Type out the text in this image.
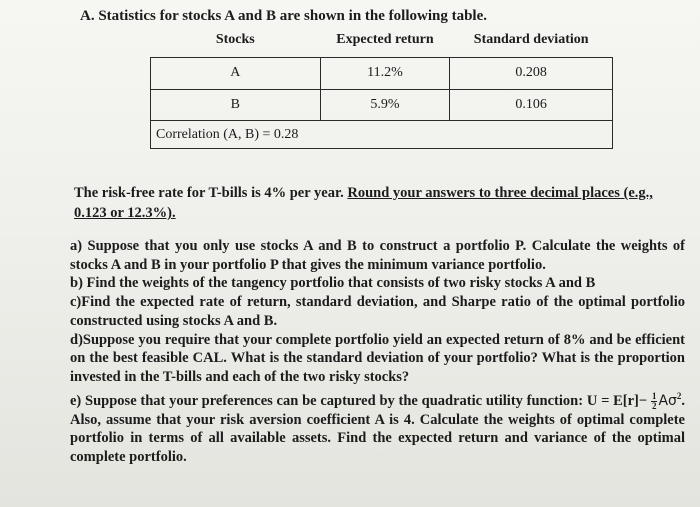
A. Statistics for stocks A and B are shown in the following table.
Stocks	Expected return	Standard deviation
A	11.2%	0.208
B	5.9%	0.106
Correlation (A, B) = 0.28		
The risk-free rate for T-bills is 4% per year. Round your answers to three decimal places (e.g., 0.123 or 12.3%).

a) Suppose that you only use stocks A and B to construct a portfolio P. Calculate the weights of stocks A and B in your portfolio P that gives the minimum variance portfolio.

b) Find the weights of the tangency portfolio that consists of two risky stocks A and B

c)Find the expected rate of return, standard deviation, and Sharpe ratio of the optimal portfolio constructed using stocks A and B.

d)Suppose you require that your complete portfolio yield an expected return of 8% and be efficient on the best feasible CAL. What is the standard deviation of your portfolio? What is the proportion invested in the T-bills and each of the two risky stocks?

e) Suppose that your preferences can be captured by the quadratic utility function: $U = E[r]- \frac{1}{2} A\sigma^2$. Also, assume that your risk aversion coefficient A is 4. Calculate the weights of optimal complete portfolio in terms of all available assets. Find the expected return and variance of the optimal complete portfolio.
